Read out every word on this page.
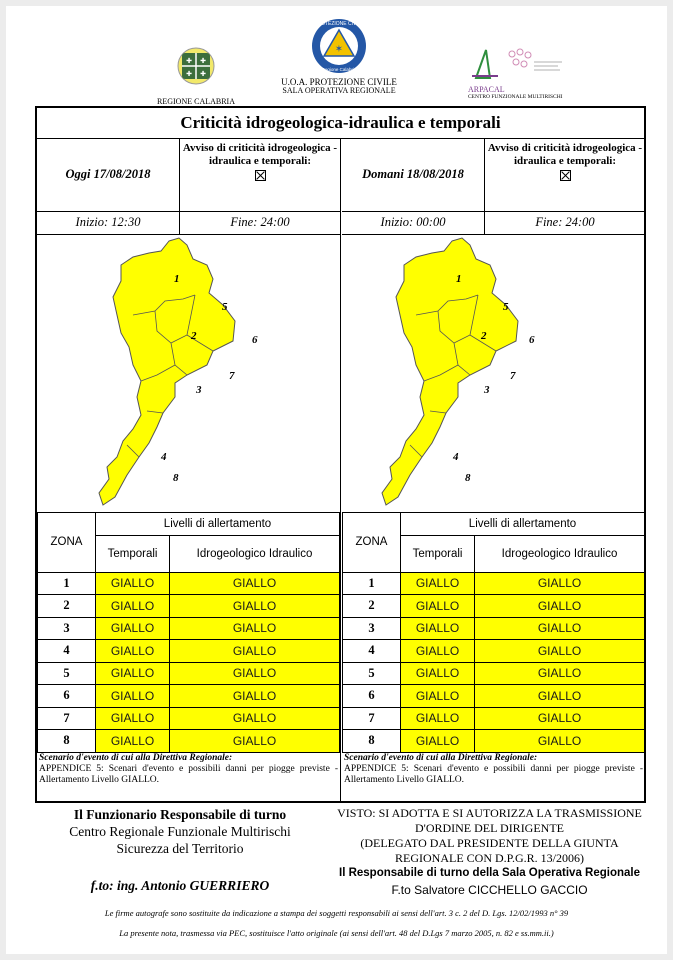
✚ ✚
✚ ✚
REGIONE CALABRIA
✶
PROTEZIONE CIVILE
Regione Calabria
U.O.A. PROTEZIONE CIVILE
SALA OPERATIVA REGIONALE	ARPACAL
CENTRO FUNZIONALE MULTIRISCHI
Criticità idrogeologica-idraulica e temporali
Oggi 17/08/2018
Avviso di criticità idrogeologica - idraulica e temporali:
Inizio: 12:30	Fine: 24:00
1
2
3
4
5
6
7
8
ZONA	Livelli di allertamento	
	Temporali	Idrogeologico Idraulico
1	GIALLO	GIALLO
2	GIALLO	GIALLO
3	GIALLO	GIALLO
4	GIALLO	GIALLO
5	GIALLO	GIALLO
6	GIALLO	GIALLO
7	GIALLO	GIALLO
8	GIALLO	GIALLO
Scenario d'evento di cui alla Direttiva Regionale:
APPENDICE 5: Scenari d'evento e possibili danni per piogge previste - Allertamento Livello GIALLO.
Domani 18/08/2018
Avviso di criticità idrogeologica - idraulica e temporali:
Inizio: 00:00	Fine: 24:00
1
2
3
4
5
6
7
8
ZONA	Livelli di allertamento	
	Temporali	Idrogeologico Idraulico
1	GIALLO	GIALLO
2	GIALLO	GIALLO
3	GIALLO	GIALLO
4	GIALLO	GIALLO
5	GIALLO	GIALLO
6	GIALLO	GIALLO
7	GIALLO	GIALLO
8	GIALLO	GIALLO
Scenario d'evento di cui alla Direttiva Regionale:
APPENDICE 5: Scenari d'evento e possibili danni per piogge previste - Allertamento Livello GIALLO.
Il Funzionario Responsabile di turno
Centro Regionale Funzionale Multirischi
Sicurezza del Territorio
f.to: ing. Antonio GUERRIERO
VISTO: SI ADOTTA E SI AUTORIZZA LA TRASMISSIONE
D'ORDINE DEL DIRIGENTE
(DELEGATO DAL PRESIDENTE DELLA GIUNTA
REGIONALE CON D.P.G.R. 13/2006)
Il Responsabile di turno della Sala Operativa Regionale
F.to Salvatore CICCHELLO GACCIO
Le firme autografe sono sostituite da indicazione a stampa dei soggetti responsabili ai sensi dell'art. 3 c. 2 del D. Lgs. 12/02/1993 n° 39
La presente nota, trasmessa via PEC, sostituisce l'atto originale (ai sensi dell'art. 48 del D.Lgs 7 marzo 2005, n. 82 e ss.mm.ii.)
